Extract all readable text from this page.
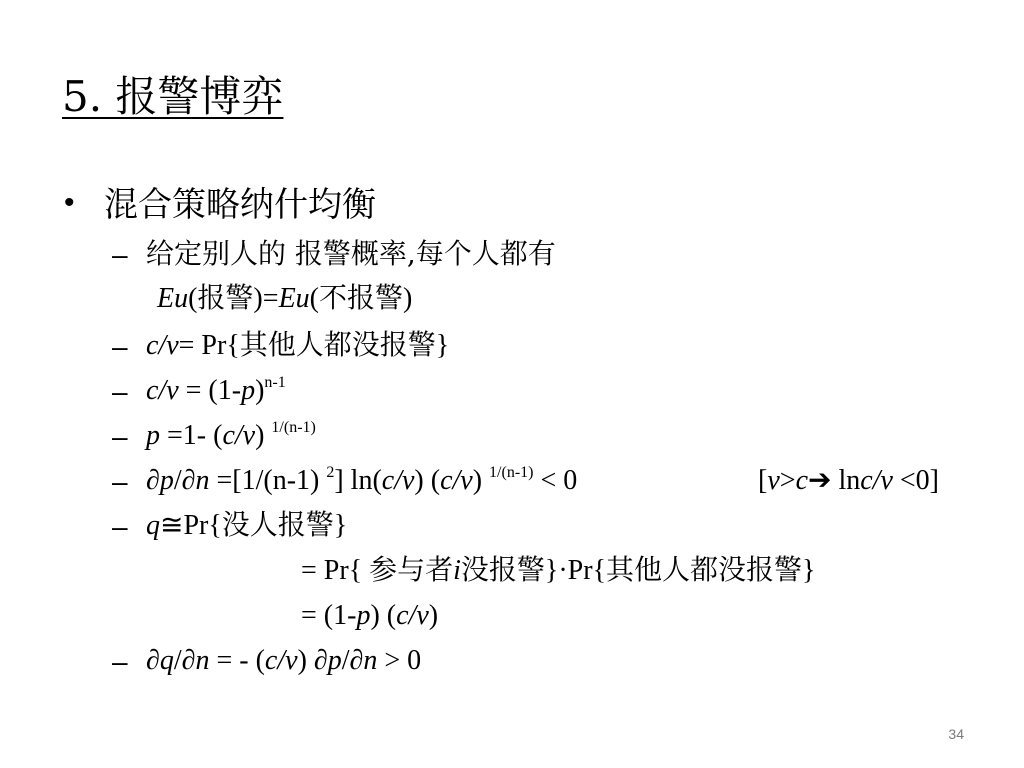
5. 报警博弈
• 混合策略纳什均衡
– 给定别人的 报警概率,每个人都有
Eu(报警)=Eu(不报警)
– c/v= Pr{其他人都没报警}
– $c/v = (1-p)^{n-1}$
– p =1- (c/v) $^{1/(n-1)}$
– ∂p/∂n =[1/(n-1) $^2$] ln(c/v) (c/v) $^{1/(n-1)}$ < 0	[v>c➔ lnc/v <0]
– q≅Pr{没人报警}
= Pr{ 参与者i没报警}·Pr{其他人都没报警}
= (1-p) (c/v)
– ∂q/∂n = - (c/v) ∂p/∂n > 0
34
